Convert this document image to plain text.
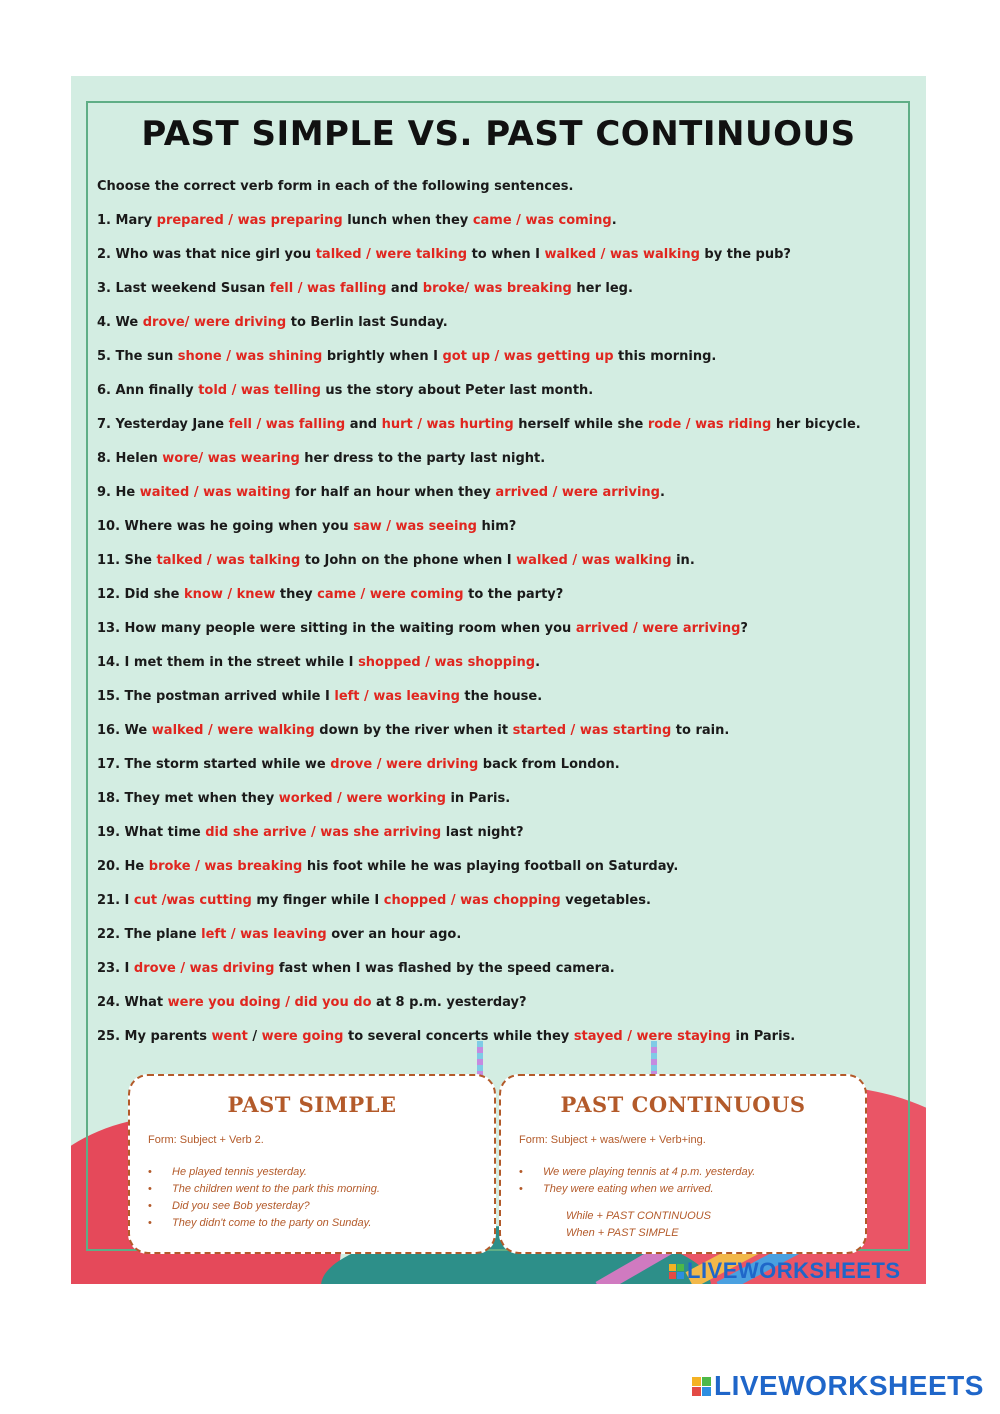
PAST SIMPLE VS. PAST CONTINUOUS

Choose the correct verb form in each of the following sentences.

1. Mary prepared / was preparing lunch when they came / was coming.
2. Who was that nice girl you talked / were talking to when I walked / was walking by the pub?
3. Last weekend Susan fell / was falling and broke/ was breaking her leg.
4. We drove/ were driving to Berlin last Sunday.
5. The sun shone / was shining brightly when I got up / was getting up this morning.
6. Ann finally told / was telling us the story about Peter last month.
7. Yesterday Jane fell / was falling and hurt / was hurting herself while she rode / was riding her bicycle.
8. Helen wore/ was wearing her dress to the party last night.
9. He waited / was waiting for half an hour when they arrived / were arriving.
10. Where was he going when you saw / was seeing him?
11. She talked / was talking to John on the phone when I walked / was walking in.
12. Did she know / knew they came / were coming to the party?
13. How many people were sitting in the waiting room when you arrived / were arriving?
14. I met them in the street while I shopped / was shopping.
15. The postman arrived while I left / was leaving the house.
16. We walked / were walking down by the river when it started / was starting to rain.
17. The storm started while we drove / were driving back from London.
18. They met when they worked / were working in Paris.
19. What time did she arrive / was she arriving last night?
20. He broke / was breaking his foot while he was playing football on Saturday.
21. I cut /was cutting my finger while I chopped / was chopping vegetables.
22. The plane left / was leaving over an hour ago.
23. I drove / was driving fast when I was flashed by the speed camera.
24. What were you doing / did you do at 8 p.m. yesterday?
25. My parents went / were going to several concerts while they stayed / were staying in Paris.
PAST SIMPLE

Form: Subject + Verb 2.

• He played tennis yesterday.
• The children went to the park this morning.
• Did you see Bob yesterday?
• They didn't come to the party on Sunday.
PAST CONTINUOUS

Form: Subject + was/were + Verb+ing.

• We were playing tennis at 4 p.m. yesterday.
• They were eating when we arrived.

While + PAST CONTINUOUS

When + PAST SIMPLE

LIVEWORKSHEETS
LIVEWORKSHEETS
